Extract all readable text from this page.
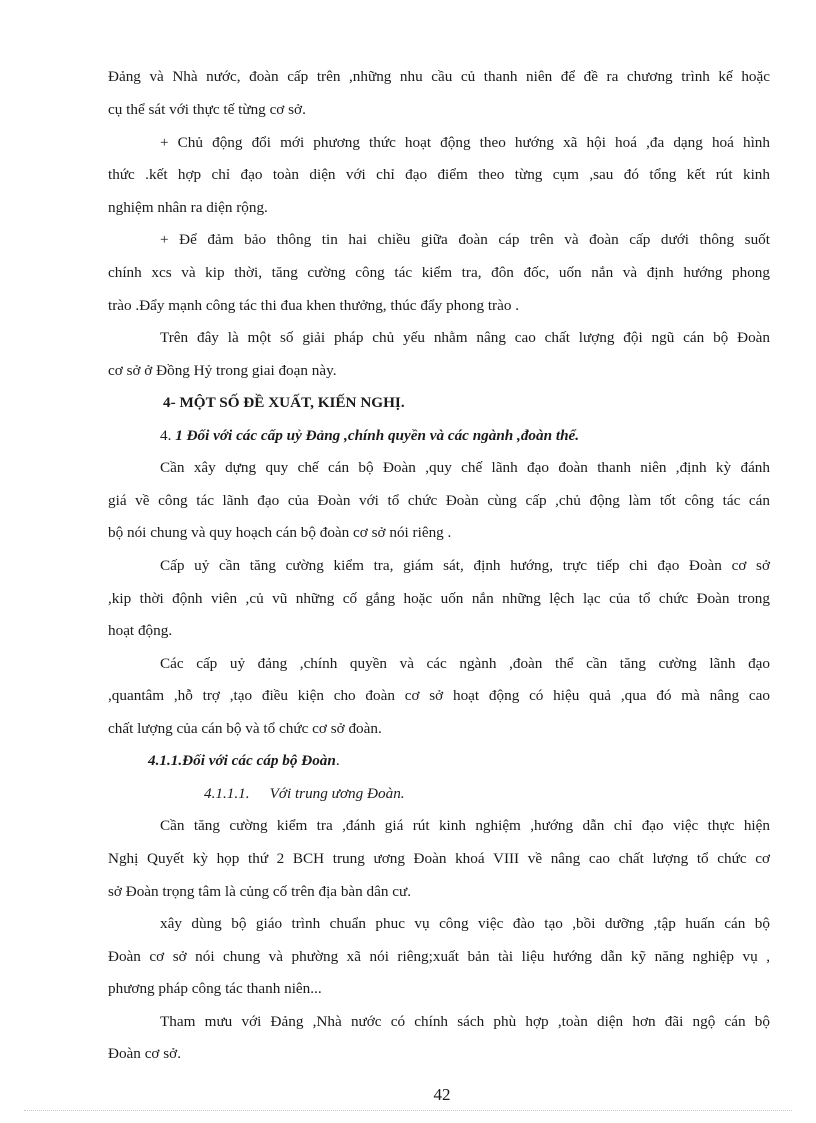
Đảng và Nhà nước, đoàn cấp trên ,những nhu cầu củ thanh niên để đề ra chương trình kế hoặc
cụ thể sát với thực tế từng cơ sở.
+ Chủ động đổi mới phương thức hoạt động theo hướng xã hội hoá ,đa dạng hoá hình
thức .kết hợp chỉ đạo toàn diện với chỉ đạo điểm theo từng cụm ,sau đó tổng kết rút kinh
nghiệm nhân ra diện rộng.
+ Để đảm bảo thông tin hai chiều giữa đoàn cáp trên và đoàn cấp dưới thông suốt
chính xcs và kip thời, tăng cường công tác kiểm tra, đôn đốc, uốn nắn và định hướng phong
trào .Đẩy mạnh công tác thi đua khen thưởng, thúc đẩy phong trào .
Trên đây là một số giải pháp chủ yếu nhằm nâng cao chất lượng đội ngũ cán bộ Đoàn
cơ sở ở Đồng Hỷ trong giai đoạn này.
4- MỘT SỐ ĐỀ XUẤT, KIẾN NGHỊ.
4. 1 Đối với các cấp uỷ Đảng ,chính quyền và các ngành ,đoàn thể.
Cần xây dựng quy chế cán bộ Đoàn ,quy chế lãnh đạo đoàn thanh niên ,định kỳ đánh
giá về công tác lãnh đạo của Đoàn với tổ chức Đoàn cùng cấp ,chủ động làm tốt công tác cán
bộ nói chung và quy hoạch cán bộ đoàn cơ sở nói riêng .
Cấp uỷ cần tăng cường kiểm tra, giám sát, định hướng, trực tiếp chi đạo Đoàn cơ sở
,kip thời độnh viên ,củ vũ những cố gắng hoặc uốn nắn những lệch lạc của tổ chức Đoàn trong
hoạt động.
Các cấp uỷ đảng ,chính quyền và các ngành ,đoàn thể cần tăng cường lãnh đạo
,quantâm ,hỗ trợ ,tạo điều kiện cho đoàn cơ sở hoạt động có hiệu quả ,qua đó mà nâng cao
chất lượng của cán bộ và tổ chức cơ sở đoàn.
4.1.1.Đối với các cáp bộ Đoàn.
4.1.1.1. Với trung ương Đoàn.
Cần tăng cường kiểm tra ,đánh giá rút kinh nghiệm ,hướng dẫn chỉ đạo việc thực hiện
Nghị Quyết kỳ họp thứ 2 BCH trung ương Đoàn khoá VIII về nâng cao chất lượng tổ chức cơ
sở Đoàn trọng tâm là củng cố trên địa bàn dân cư.
xây dùng bộ giáo trình chuẩn phuc vụ công việc đào tạo ,bồi dưỡng ,tập huấn cán bộ
Đoàn cơ sở nói chung và phường xã nói riêng;xuất bản tài liệu hướng dẫn kỹ năng nghiệp vụ ,
phương pháp công tác thanh niên...
Tham mưu với Đảng ,Nhà nước có chính sách phù hợp ,toàn diện hơn đãi ngộ cán bộ
Đoàn cơ sở.
42
